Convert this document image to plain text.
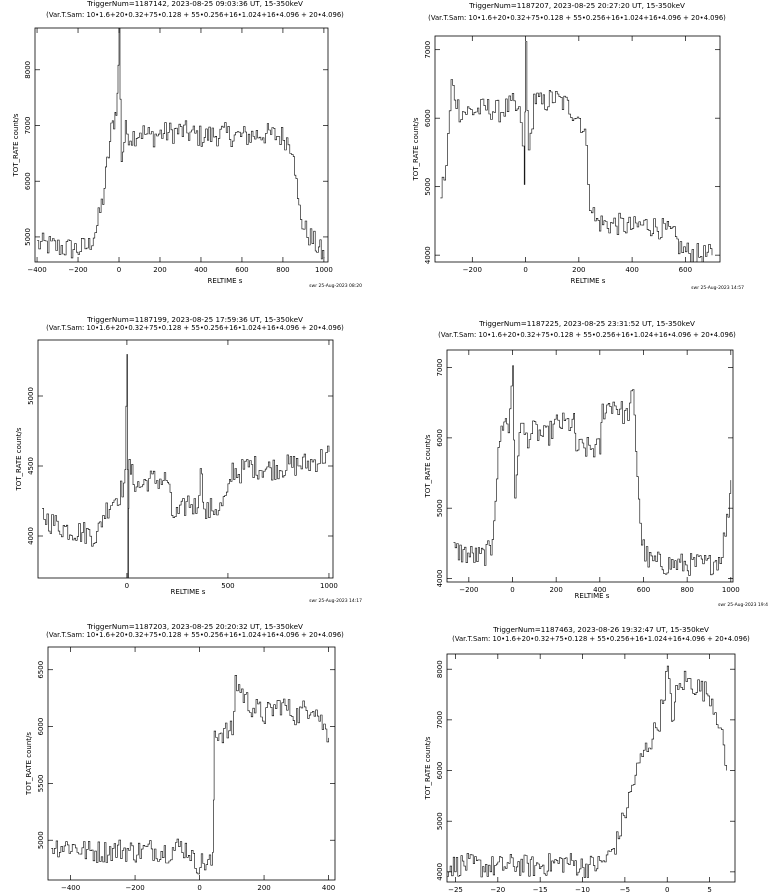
TriggerNum=1187142, 2023-08-25 09:03:36 UT, 15-350keV
(Var.T.Sam: 10•1.6+20•0.32+75•0.128 + 55•0.256+16•1.024+16•4.096 + 20•4.096)
−400	−200	0	200	400	600	800	1000
5000
6000
7000
8000
TOT_RATE count/s
RELTIME s
swr 25-Aug-2023 08:20
TriggerNum=1187207, 2023-08-25 20:27:20 UT, 15-350keV
(Var.T.Sam: 10•1.6+20•0.32+75•0.128 + 55•0.256+16•1.024+16•4.096 + 20•4.096)
−200	0	200	400	600
4000
5000
6000
7000
TOT_RATE count/s
RELTIME s
swr 25-Aug-2023 14:57
TriggerNum=1187199, 2023-08-25 17:59:36 UT, 15-350keV
(Var.T.Sam: 10•1.6+20•0.32+75•0.128 + 55•0.256+16•1.024+16•4.096 + 20•4.096)
0	500	1000
4000
4500
5000
TOT_RATE count/s
RELTIME s
swr 25-Aug-2023 14:17
TriggerNum=1187225, 2023-08-25 23:31:52 UT, 15-350keV
(Var.T.Sam: 10•1.6+20•0.32+75•0.128 + 55•0.256+16•1.024+16•4.096 + 20•4.096)
−200	0	200	400	600	800	1000
4000
5000
6000
7000
TOT_RATE count/s
RELTIME s
swr 25-Aug-2023 19:4
TriggerNum=1187203, 2023-08-25 20:20:32 UT, 15-350keV
(Var.T.Sam: 10•1.6+20•0.32+75•0.128 + 55•0.256+16•1.024+16•4.096 + 20•4.096)
−400	−200	0	200	400
5000
5500
6000
6500
TOT_RATE count/s
TriggerNum=1187463, 2023-08-26 19:32:47 UT, 15-350keV
(Var.T.Sam: 10•1.6+20•0.32+75•0.128 + 55•0.256+16•1.024+16•4.096 + 20•4.096)
−25	−20	−15	−10	−5	0	5
4000
5000
6000
7000
8000
TOT_RATE count/s
